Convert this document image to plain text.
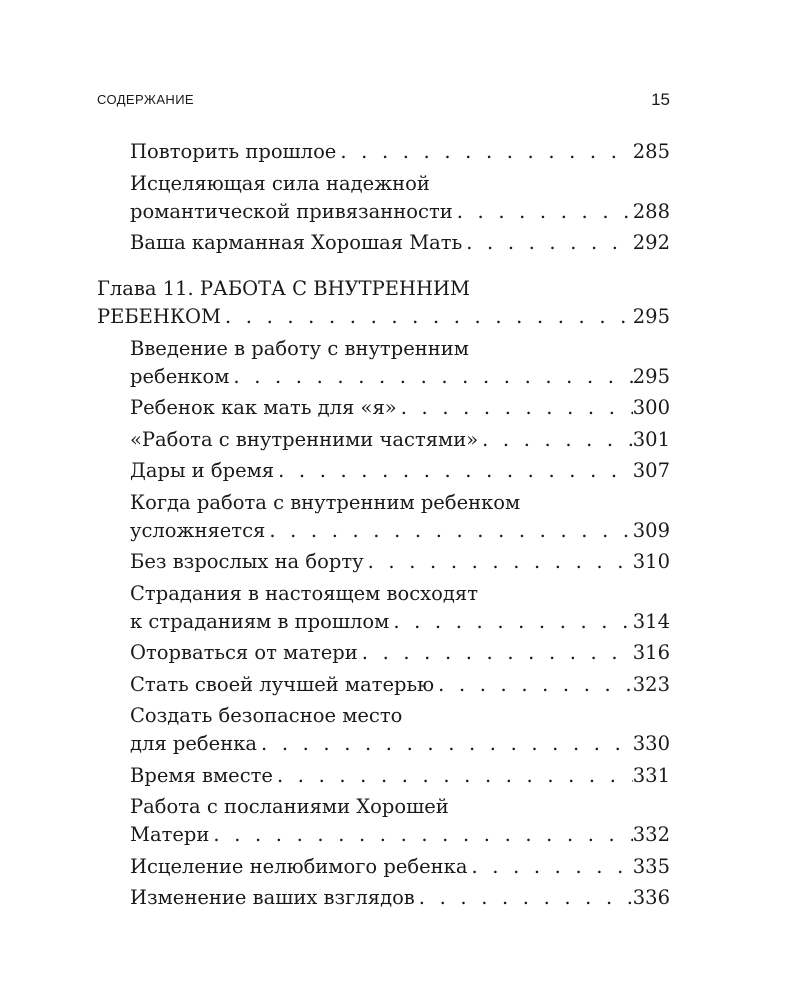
СОДЕРЖАНИЕ	15
Повторить прошлое . . .	285
Исцеляющая сила надежной
романтической привязанности . . .	288
Ваша карманная Хорошая Мать . . .	292
Глава 11. РАБОТА С ВНУТРЕННИМ
РЕБЕНКОМ . . .	295
Введение в работу с внутренним
ребенком . . .	295
Ребенок как мать для «я» . . .	300
«Работа с внутренними частями» . . .	301
Дары и бремя . . .	307
Когда работа с внутренним ребенком
усложняется . . .	309
Без взрослых на борту . . .	310
Страдания в настоящем восходят
к страданиям в прошлом . . .	314
Оторваться от матери . . .	316
Стать своей лучшей матерью . . .	323
Создать безопасное место
для ребенка . . .	330
Время вместе . . .	331
Работа с посланиями Хорошей
Матери . . .	332
Исцеление нелюбимого ребенка . . .	335
Изменение ваших взглядов . . .	336
